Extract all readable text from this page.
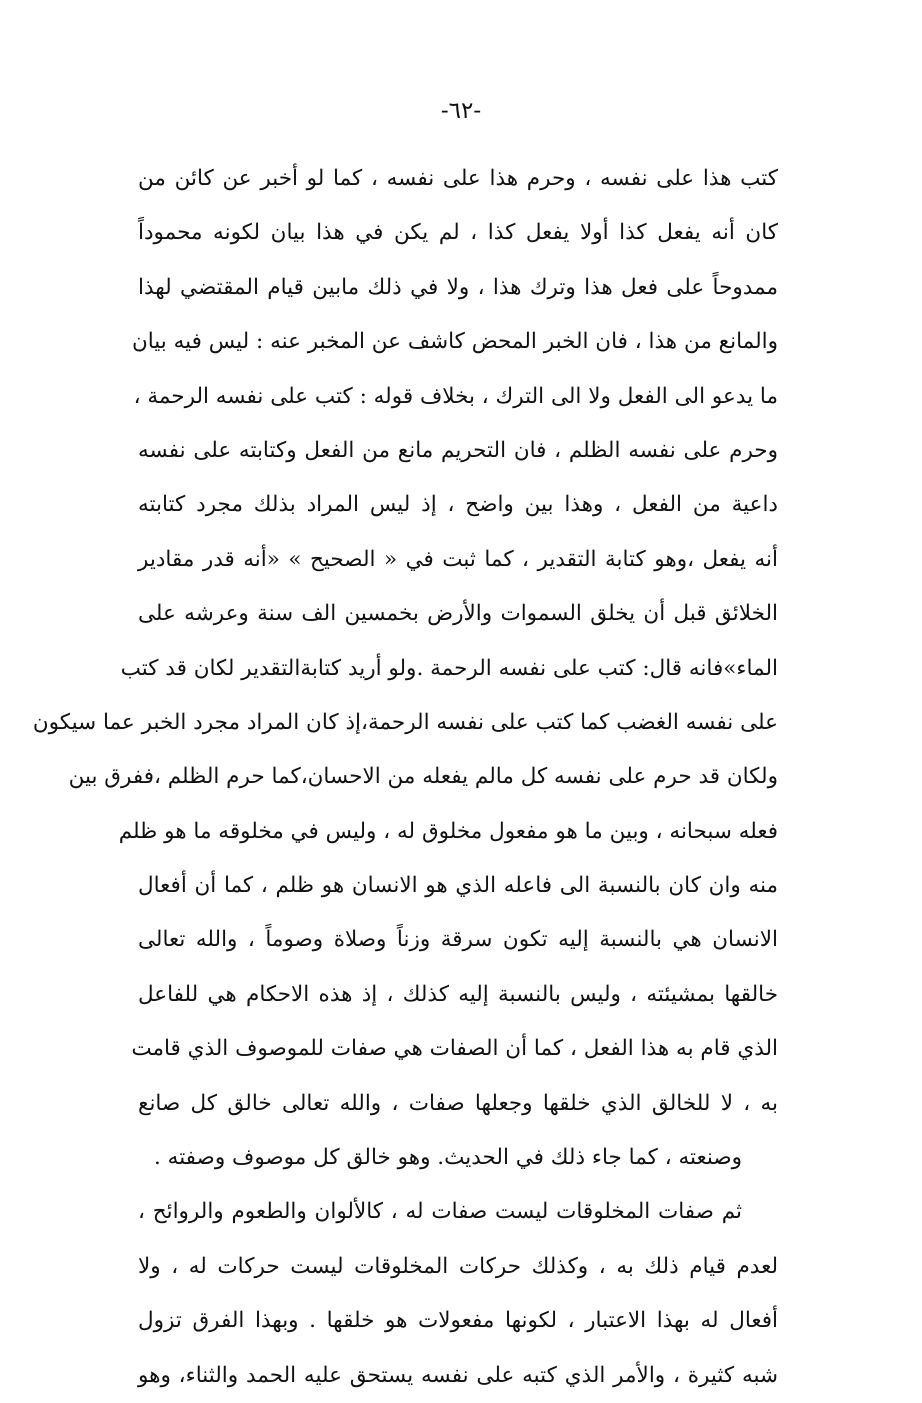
-٦٢-
كتب هذا على نفسه ، وحرم هذا على نفسه ، كما لو أخبر عن كائن من
كان أنه يفعل كذا أولا يفعل كذا ، لم يكن في هذا بيان لكونه محموداً
ممدوحاً على فعل هذا وترك هذا ، ولا في ذلك مابين قيام المقتضي لهذا
والمانع من هذا ، فان الخبر المحض كاشف عن المخبر عنه : ليس فيه بيان
ما يدعو الى الفعل ولا الى الترك ، بخلاف قوله : كتب على نفسه الرحمة ،
وحرم على نفسه الظلم ، فان التحريم مانع من الفعل وكتابته على نفسه
داعية من الفعل ، وهذا بين واضح ، إذ ليس المراد بذلك مجرد كتابته
أنه يفعل ،وهو كتابة التقدير ، كما ثبت في « الصحيح » «أنه قدر مقادير
الخلائق قبل أن يخلق السموات والأرض بخمسين الف سنة وعرشه على
الماء»فانه قال: كتب على نفسه الرحمة .ولو أريد كتابةالتقدير لكان قد كتب
على نفسه الغضب كما كتب على نفسه الرحمة،إذ كان المراد مجرد الخبر عما سيكون
ولكان قد حرم على نفسه كل مالم يفعله من الاحسان،كما حرم الظلم ،ففرق بين
فعله سبحانه ، وبين ما هو مفعول مخلوق له ، وليس في مخلوقه ما هو ظلم
منه وان كان بالنسبة الى فاعله الذي هو الانسان هو ظلم ، كما أن أفعال
الانسان هي بالنسبة إليه تكون سرقة وزناً وصلاة وصوماً ، والله تعالى
خالقها بمشيئته ، وليس بالنسبة إليه كذلك ، إذ هذه الاحكام هي للفاعل
الذي قام به هذا الفعل ، كما أن الصفات هي صفات للموصوف الذي قامت
به ، لا للخالق الذي خلقها وجعلها صفات ، والله تعالى خالق كل صانع
وصنعته ، كما جاء ذلك في الحديث. وهو خالق كل موصوف وصفته .
ثم صفات المخلوقات ليست صفات له ، كالألوان والطعوم والروائح ،
لعدم قيام ذلك به ، وكذلك حركات المخلوقات ليست حركات له ، ولا
أفعال له بهذا الاعتبار ، لكونها مفعولات هو خلقها . وبهذا الفرق تزول
شبه كثيرة ، والأمر الذي كتبه على نفسه يستحق عليه الحمد والثناء، وهو
